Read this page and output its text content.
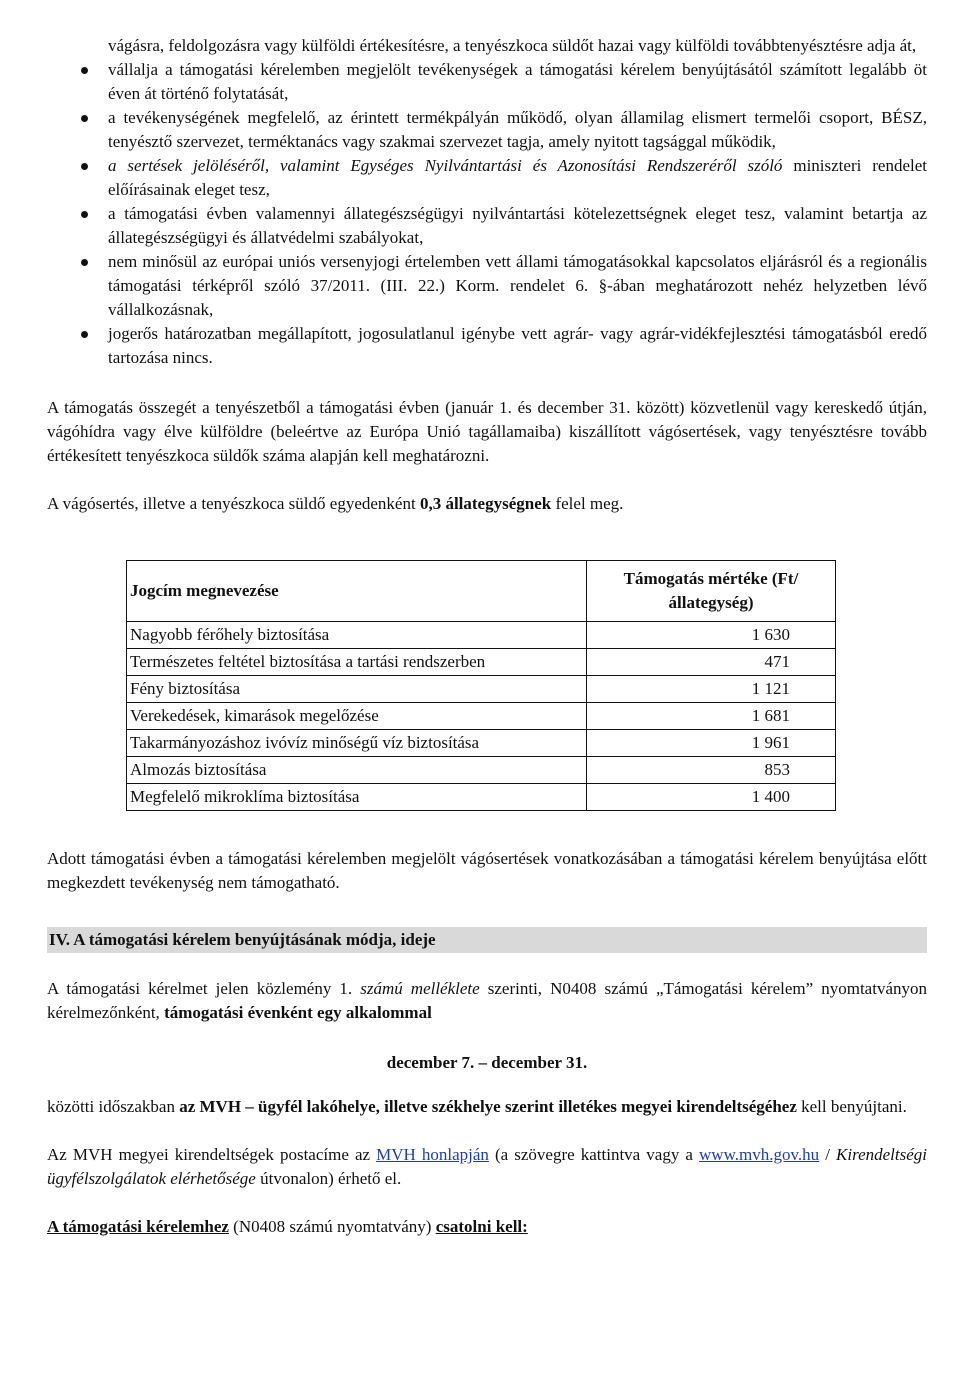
vágásra, feldolgozásra vagy külföldi értékesítésre, a tenyészkoca süldőt hazai vagy külföldi továbbtenyésztésre adja át,
vállalja a támogatási kérelemben megjelölt tevékenységek a támogatási kérelem benyújtásától számított legalább öt éven át történő folytatását,
a tevékenységének megfelelő, az érintett termékpályán működő, olyan államilag elismert termelői csoport, BÉSZ, tenyésztő szervezet, terméktanács vagy szakmai szervezet tagja, amely nyitott tagsággal működik,
a sertések jelöléséről, valamint Egységes Nyilvántartási és Azonosítási Rendszeréről szóló miniszteri rendelet előírásainak eleget tesz,
a támogatási évben valamennyi állategészségügyi nyilvántartási kötelezettségnek eleget tesz, valamint betartja az állategészségügyi és állatvédelmi szabályokat,
nem minősül az európai uniós versenyjogi értelemben vett állami támogatásokkal kapcsolatos eljárásról és a regionális támogatási térképről szóló 37/2011. (III. 22.) Korm. rendelet 6. §-ában meghatározott nehéz helyzetben lévő vállalkozásnak,
jogerős határozatban megállapított, jogosulatlanul igénybe vett agrár- vagy agrár-vidékfejlesztési támogatásból eredő tartozása nincs.

A támogatás összegét a tenyészetből a támogatási évben (január 1. és december 31. között) közvetlenül vagy kereskedő útján, vágóhídra vagy élve külföldre (beleértve az Európa Unió tagállamaiba) kiszállított vágósertések, vagy tenyésztésre tovább értékesített tenyészkoca süldők száma alapján kell meghatározni.

A vágósertés, illetve a tenyészkoca süldő egyedenként 0,3 állategységnek felel meg.

Jogcím megnevezése	Támogatás mértéke (Ft/állategység)
Nagyobb férőhely biztosítása	1 630
Természetes feltétel biztosítása a tartási rendszerben	471
Fény biztosítása	1 121
Verekedések, kimarások megelőzése	1 681
Takarmányozáshoz ivóvíz minőségű víz biztosítása	1 961
Almozás biztosítása	853
Megfelelő mikroklíma biztosítása	1 400

Adott támogatási évben a támogatási kérelemben megjelölt vágósertések vonatkozásában a támogatási kérelem benyújtása előtt megkezdett tevékenység nem támogatható.

IV. A támogatási kérelem benyújtásának módja, ideje

A támogatási kérelmet jelen közlemény 1. számú melléklete szerinti, N0408 számú „Támogatási kérelem” nyomtatványon kérelmezőnként, támogatási évenként egy alkalommal

december 7. – december 31.

közötti időszakban az MVH – ügyfél lakóhelye, illetve székhelye szerint illetékes megyei kirendeltségéhez kell benyújtani.

Az MVH megyei kirendeltségek postacíme az MVH honlapján (a szövegre kattintva vagy a www.mvh.gov.hu / Kirendeltségi ügyfélszolgálatok elérhetősége útvonalon) érhető el.

A támogatási kérelemhez (N0408 számú nyomtatvány) csatolni kell:
